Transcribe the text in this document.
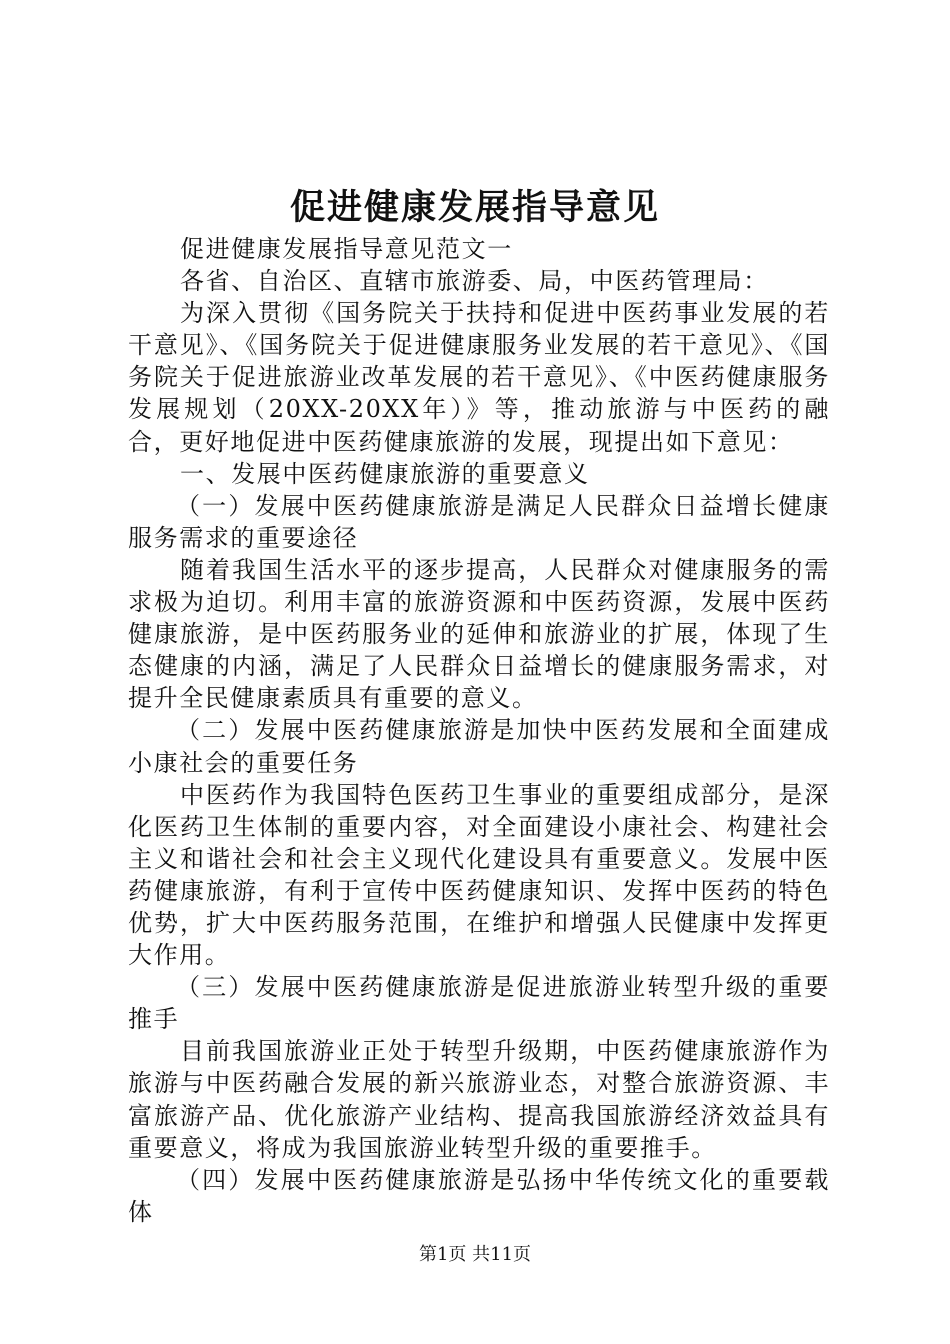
促进健康发展指导意见

促进健康发展指导意见范文一

各省、自治区、直辖市旅游委、局，中医药管理局：

为深入贯彻《国务院关于扶持和促进中医药事业发展的若干意见》、《国务院关于促进健康服务业发展的若干意见》、《国务院关于促进旅游业改革发展的若干意见》、《中医药健康服务发展规划（20XX-20XX年）》等，推动旅游与中医药的融合，更好地促进中医药健康旅游的发展，现提出如下意见：

一、发展中医药健康旅游的重要意义

（一）发展中医药健康旅游是满足人民群众日益增长健康服务需求的重要途径

随着我国生活水平的逐步提高，人民群众对健康服务的需求极为迫切。利用丰富的旅游资源和中医药资源，发展中医药健康旅游，是中医药服务业的延伸和旅游业的扩展，体现了生态健康的内涵，满足了人民群众日益增长的健康服务需求，对提升全民健康素质具有重要的意义。

（二）发展中医药健康旅游是加快中医药发展和全面建成小康社会的重要任务

中医药作为我国特色医药卫生事业的重要组成部分，是深化医药卫生体制的重要内容，对全面建设小康社会、构建社会主义和谐社会和社会主义现代化建设具有重要意义。发展中医药健康旅游，有利于宣传中医药健康知识、发挥中医药的特色优势，扩大中医药服务范围，在维护和增强人民健康中发挥更大作用。

（三）发展中医药健康旅游是促进旅游业转型升级的重要推手

目前我国旅游业正处于转型升级期，中医药健康旅游作为旅游与中医药融合发展的新兴旅游业态，对整合旅游资源、丰富旅游产品、优化旅游产业结构、提高我国旅游经济效益具有重要意义，将成为我国旅游业转型升级的重要推手。

（四）发展中医药健康旅游是弘扬中华传统文化的重要载体

第1页 共11页
